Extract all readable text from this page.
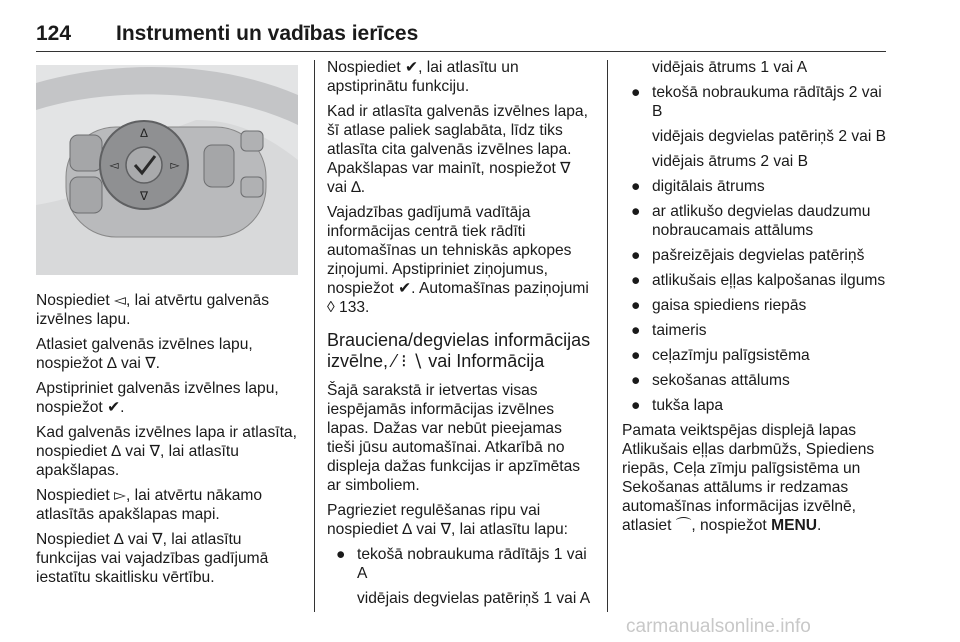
124 Instrumenti un vadības ierīces
Δ
∇
◅	▻

Nospiediet ◅, lai atvērtu galvenās izvēlnes lapu.

Atlasiet galvenās izvēlnes lapu, nospiežot ∆ vai ∇.

Apstipriniet galvenās izvēlnes lapu, nospiežot ✔.

Kad galvenās izvēlnes lapa ir atlasīta, nospiediet ∆ vai ∇, lai atlasītu apakšlapas.

Nospiediet ▻, lai atvērtu nākamo atlasītās apakšlapas mapi.

Nospiediet ∆ vai ∇, lai atlasītu funkcijas vai vajadzības gadījumā iestatītu skaitlisku vērtību.

Nospiediet ✔, lai atlasītu un apstiprinātu funkciju.

Kad ir atlasīta galvenās izvēlnes lapa, šī atlase paliek saglabāta, līdz tiks atlasīta cita galvenās izvēlnes lapa. Apakšlapas var mainīt, nospiežot ∇ vai ∆.

Vajadzības gadījumā vadītāja informācijas centrā tiek rādīti automašīnas un tehniskās apkopes ziņojumi. Apstipriniet ziņojumus, nospiežot ✔. Automašīnas paziņojumi ◊ 133.

Brauciena/degvielas informācijas izvēlne, ⁄ ⁝ ∖ vai Informācija

Šajā sarakstā ir ietvertas visas iespējamās informācijas izvēlnes lapas. Dažas var nebūt pieejamas tieši jūsu automašīnai. Atkarībā no displeja dažas funkcijas ir apzīmētas ar simboliem.

Pagrieziet regulēšanas ripu vai nospiediet ∆ vai ∇, lai atlasītu lapu:

● tekošā nobraukuma rādītājs 1 vai A

vidējais degvielas patēriņš 1 vai A

vidējais ātrums 1 vai A

● tekošā nobraukuma rādītājs 2 vai B

vidējais degvielas patēriņš 2 vai B

vidējais ātrums 2 vai B

● digitālais ātrums
● ar atlikušo degvielas daudzumu nobraucamais attālums
● pašreizējais degvielas patēriņš
● atlikušais eļļas kalpošanas ilgums
● gaisa spiediens riepās
● taimeris
● ceļazīmju palīgsistēma
● sekošanas attālums
● tukša lapa

Pamata veiktspējas displejā lapas Atlikušais eļļas darbmūžs, Spiediens riepās, Ceļa zīmju palīgsistēma un Sekošanas attālums ir redzamas automašīnas informācijas izvēlnē, atlasiet ⌒, nospiežot MENU.

carmanualsonline.info
